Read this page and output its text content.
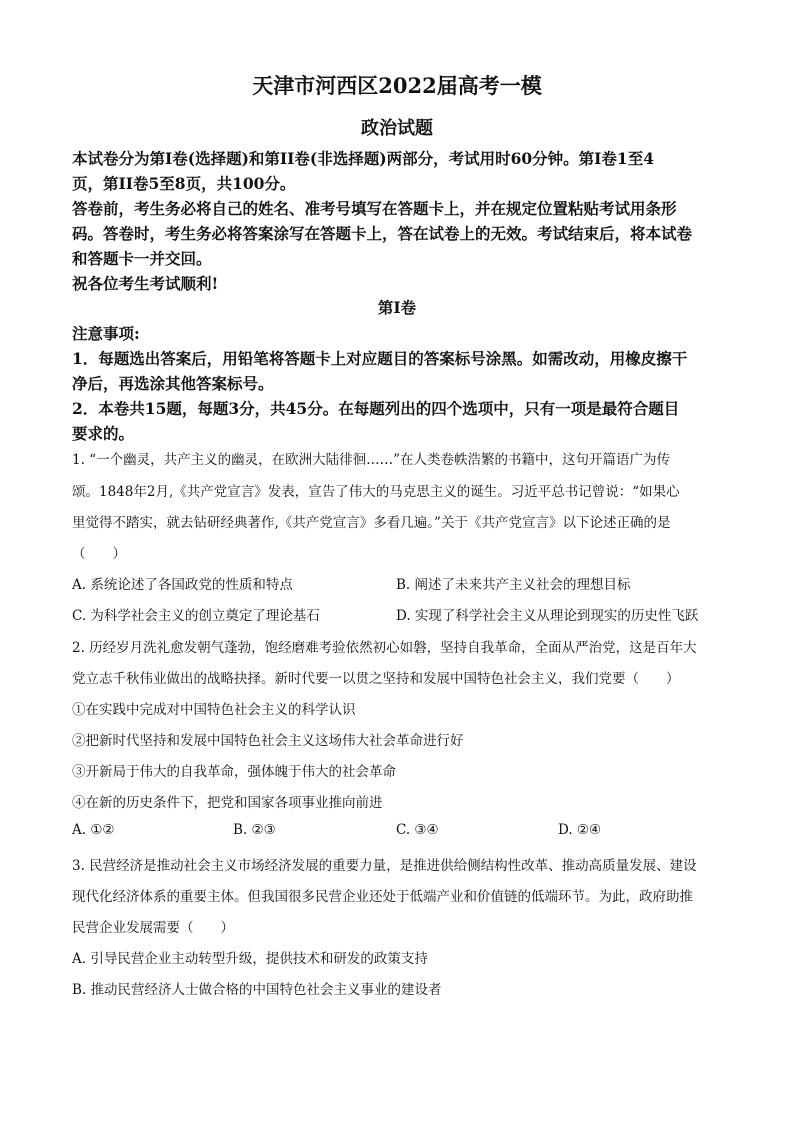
天津市河西区2022届高考一模
政治试题
本试卷分为第Ⅰ卷(选择题)和第II卷(非选择题)两部分，考试用时60分钟。第Ⅰ卷1至4
页，第II卷5至8页，共100分。
答卷前，考生务必将自己的姓名、准考号填写在答题卡上，并在规定位置粘贴考试用条形
码。答卷时，考生务必将答案涂写在答题卡上，答在试卷上的无效。考试结束后，将本试卷
和答题卡一并交回。
祝各位考生考试顺利!
第Ⅰ卷
注意事项:
1．每题选出答案后，用铅笔将答题卡上对应题目的答案标号涂黑。如需改动，用橡皮擦干
净后，再选涂其他答案标号。
2．本卷共15题，每题3分，共45分。在每题列出的四个选项中，只有一项是最符合题目
要求的。
1. “一个幽灵，共产主义的幽灵，在欧洲大陆徘徊……”在人类卷帙浩繁的书籍中，这句开篇语广为传
颂。1848年2月,《共产党宣言》发表，宣告了伟大的马克思主义的诞生。习近平总书记曾说：“如果心
里觉得不踏实，就去钻研经典著作,《共产党宣言》多看几遍。”关于《共产党宣言》以下论述正确的是
（　　）
A. 系统论述了各国政党的性质和特点	B. 阐述了未来共产主义社会的理想目标
C. 为科学社会主义的创立奠定了理论基石	D. 实现了科学社会主义从理论到现实的历史性飞跃
2. 历经岁月洗礼愈发朝气蓬勃，饱经磨难考验依然初心如磐，坚持自我革命，全面从严治党，这是百年大
党立志千秋伟业做出的战略抉择。新时代要一以贯之坚持和发展中国特色社会主义，我们党要（　　）
①在实践中完成对中国特色社会主义的科学认识
②把新时代坚持和发展中国特色社会主义这场伟大社会革命进行好
③开新局于伟大的自我革命，强体魄于伟大的社会革命
④在新的历史条件下，把党和国家各项事业推向前进
A. ①②	B. ②③	C. ③④	D. ②④
3. 民营经济是推动社会主义市场经济发展的重要力量，是推进供给侧结构性改革、推动高质量发展、建设
现代化经济体系的重要主体。但我国很多民营企业还处于低端产业和价值链的低端环节。为此，政府助推
民营企业发展需要（　　）
A. 引导民营企业主动转型升级，提供技术和研发的政策支持
B. 推动民营经济人士做合格的中国特色社会主义事业的建设者
